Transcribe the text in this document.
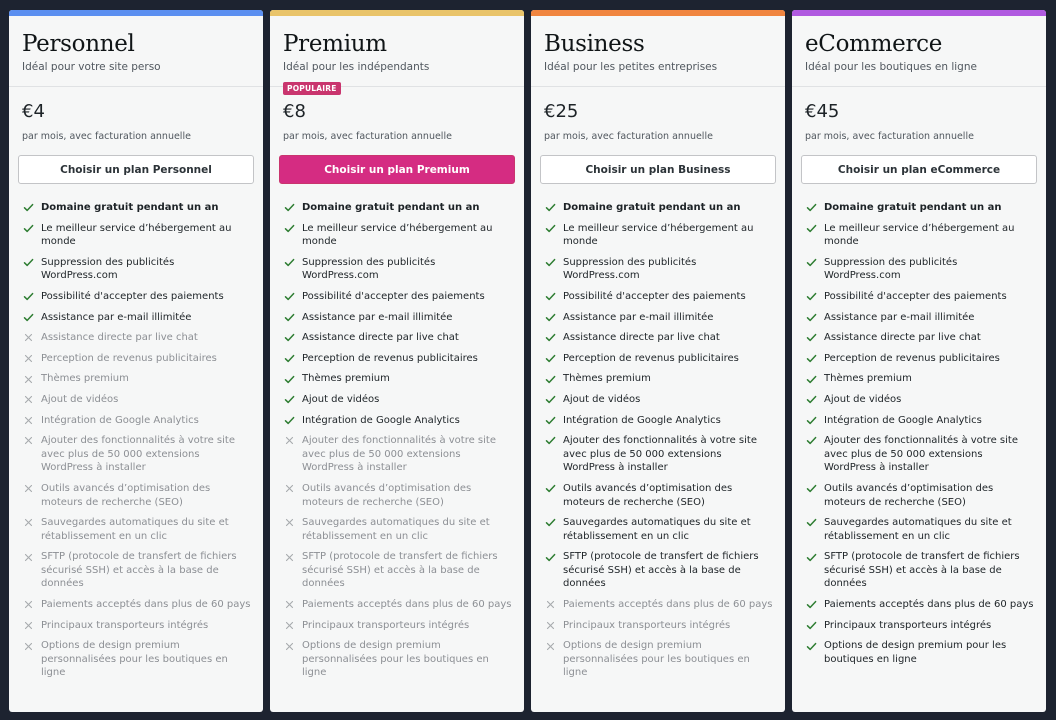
Personnel
Idéal pour votre site perso
€4
par mois, avec facturation annuelle
Choisir un plan Personnel
Domaine gratuit pendant un an
Le meilleur service d’hébergement au monde
Suppression des publicités WordPress.com
Possibilité d'accepter des paiements
Assistance par e-mail illimitée
Assistance directe par live chat
Perception de revenus publicitaires
Thèmes premium
Ajout de vidéos
Intégration de Google Analytics
Ajouter des fonctionnalités à votre site avec plus de 50 000 extensions WordPress à installer
Outils avancés d’optimisation des moteurs de recherche (SEO)
Sauvegardes automatiques du site et rétablissement en un clic
SFTP (protocole de transfert de fichiers sécurisé SSH) et accès à la base de données
Paiements acceptés dans plus de 60 pays
Principaux transporteurs intégrés
Options de design premium personnalisées pour les boutiques en ligne
Premium
Idéal pour les indépendants
POPULAIRE
€8
par mois, avec facturation annuelle
Choisir un plan Premium
Domaine gratuit pendant un an
Le meilleur service d’hébergement au monde
Suppression des publicités WordPress.com
Possibilité d'accepter des paiements
Assistance par e-mail illimitée
Assistance directe par live chat
Perception de revenus publicitaires
Thèmes premium
Ajout de vidéos
Intégration de Google Analytics
Ajouter des fonctionnalités à votre site avec plus de 50 000 extensions WordPress à installer
Outils avancés d’optimisation des moteurs de recherche (SEO)
Sauvegardes automatiques du site et rétablissement en un clic
SFTP (protocole de transfert de fichiers sécurisé SSH) et accès à la base de données
Paiements acceptés dans plus de 60 pays
Principaux transporteurs intégrés
Options de design premium personnalisées pour les boutiques en ligne
Business
Idéal pour les petites entreprises
€25
par mois, avec facturation annuelle
Choisir un plan Business
Domaine gratuit pendant un an
Le meilleur service d’hébergement au monde
Suppression des publicités WordPress.com
Possibilité d'accepter des paiements
Assistance par e-mail illimitée
Assistance directe par live chat
Perception de revenus publicitaires
Thèmes premium
Ajout de vidéos
Intégration de Google Analytics
Ajouter des fonctionnalités à votre site avec plus de 50 000 extensions WordPress à installer
Outils avancés d’optimisation des moteurs de recherche (SEO)
Sauvegardes automatiques du site et rétablissement en un clic
SFTP (protocole de transfert de fichiers sécurisé SSH) et accès à la base de données
Paiements acceptés dans plus de 60 pays
Principaux transporteurs intégrés
Options de design premium personnalisées pour les boutiques en ligne
eCommerce
Idéal pour les boutiques en ligne
€45
par mois, avec facturation annuelle
Choisir un plan eCommerce
Domaine gratuit pendant un an
Le meilleur service d’hébergement au monde
Suppression des publicités WordPress.com
Possibilité d'accepter des paiements
Assistance par e-mail illimitée
Assistance directe par live chat
Perception de revenus publicitaires
Thèmes premium
Ajout de vidéos
Intégration de Google Analytics
Ajouter des fonctionnalités à votre site avec plus de 50 000 extensions WordPress à installer
Outils avancés d’optimisation des moteurs de recherche (SEO)
Sauvegardes automatiques du site et rétablissement en un clic
SFTP (protocole de transfert de fichiers sécurisé SSH) et accès à la base de données
Paiements acceptés dans plus de 60 pays
Principaux transporteurs intégrés
Options de design premium pour les boutiques en ligne
